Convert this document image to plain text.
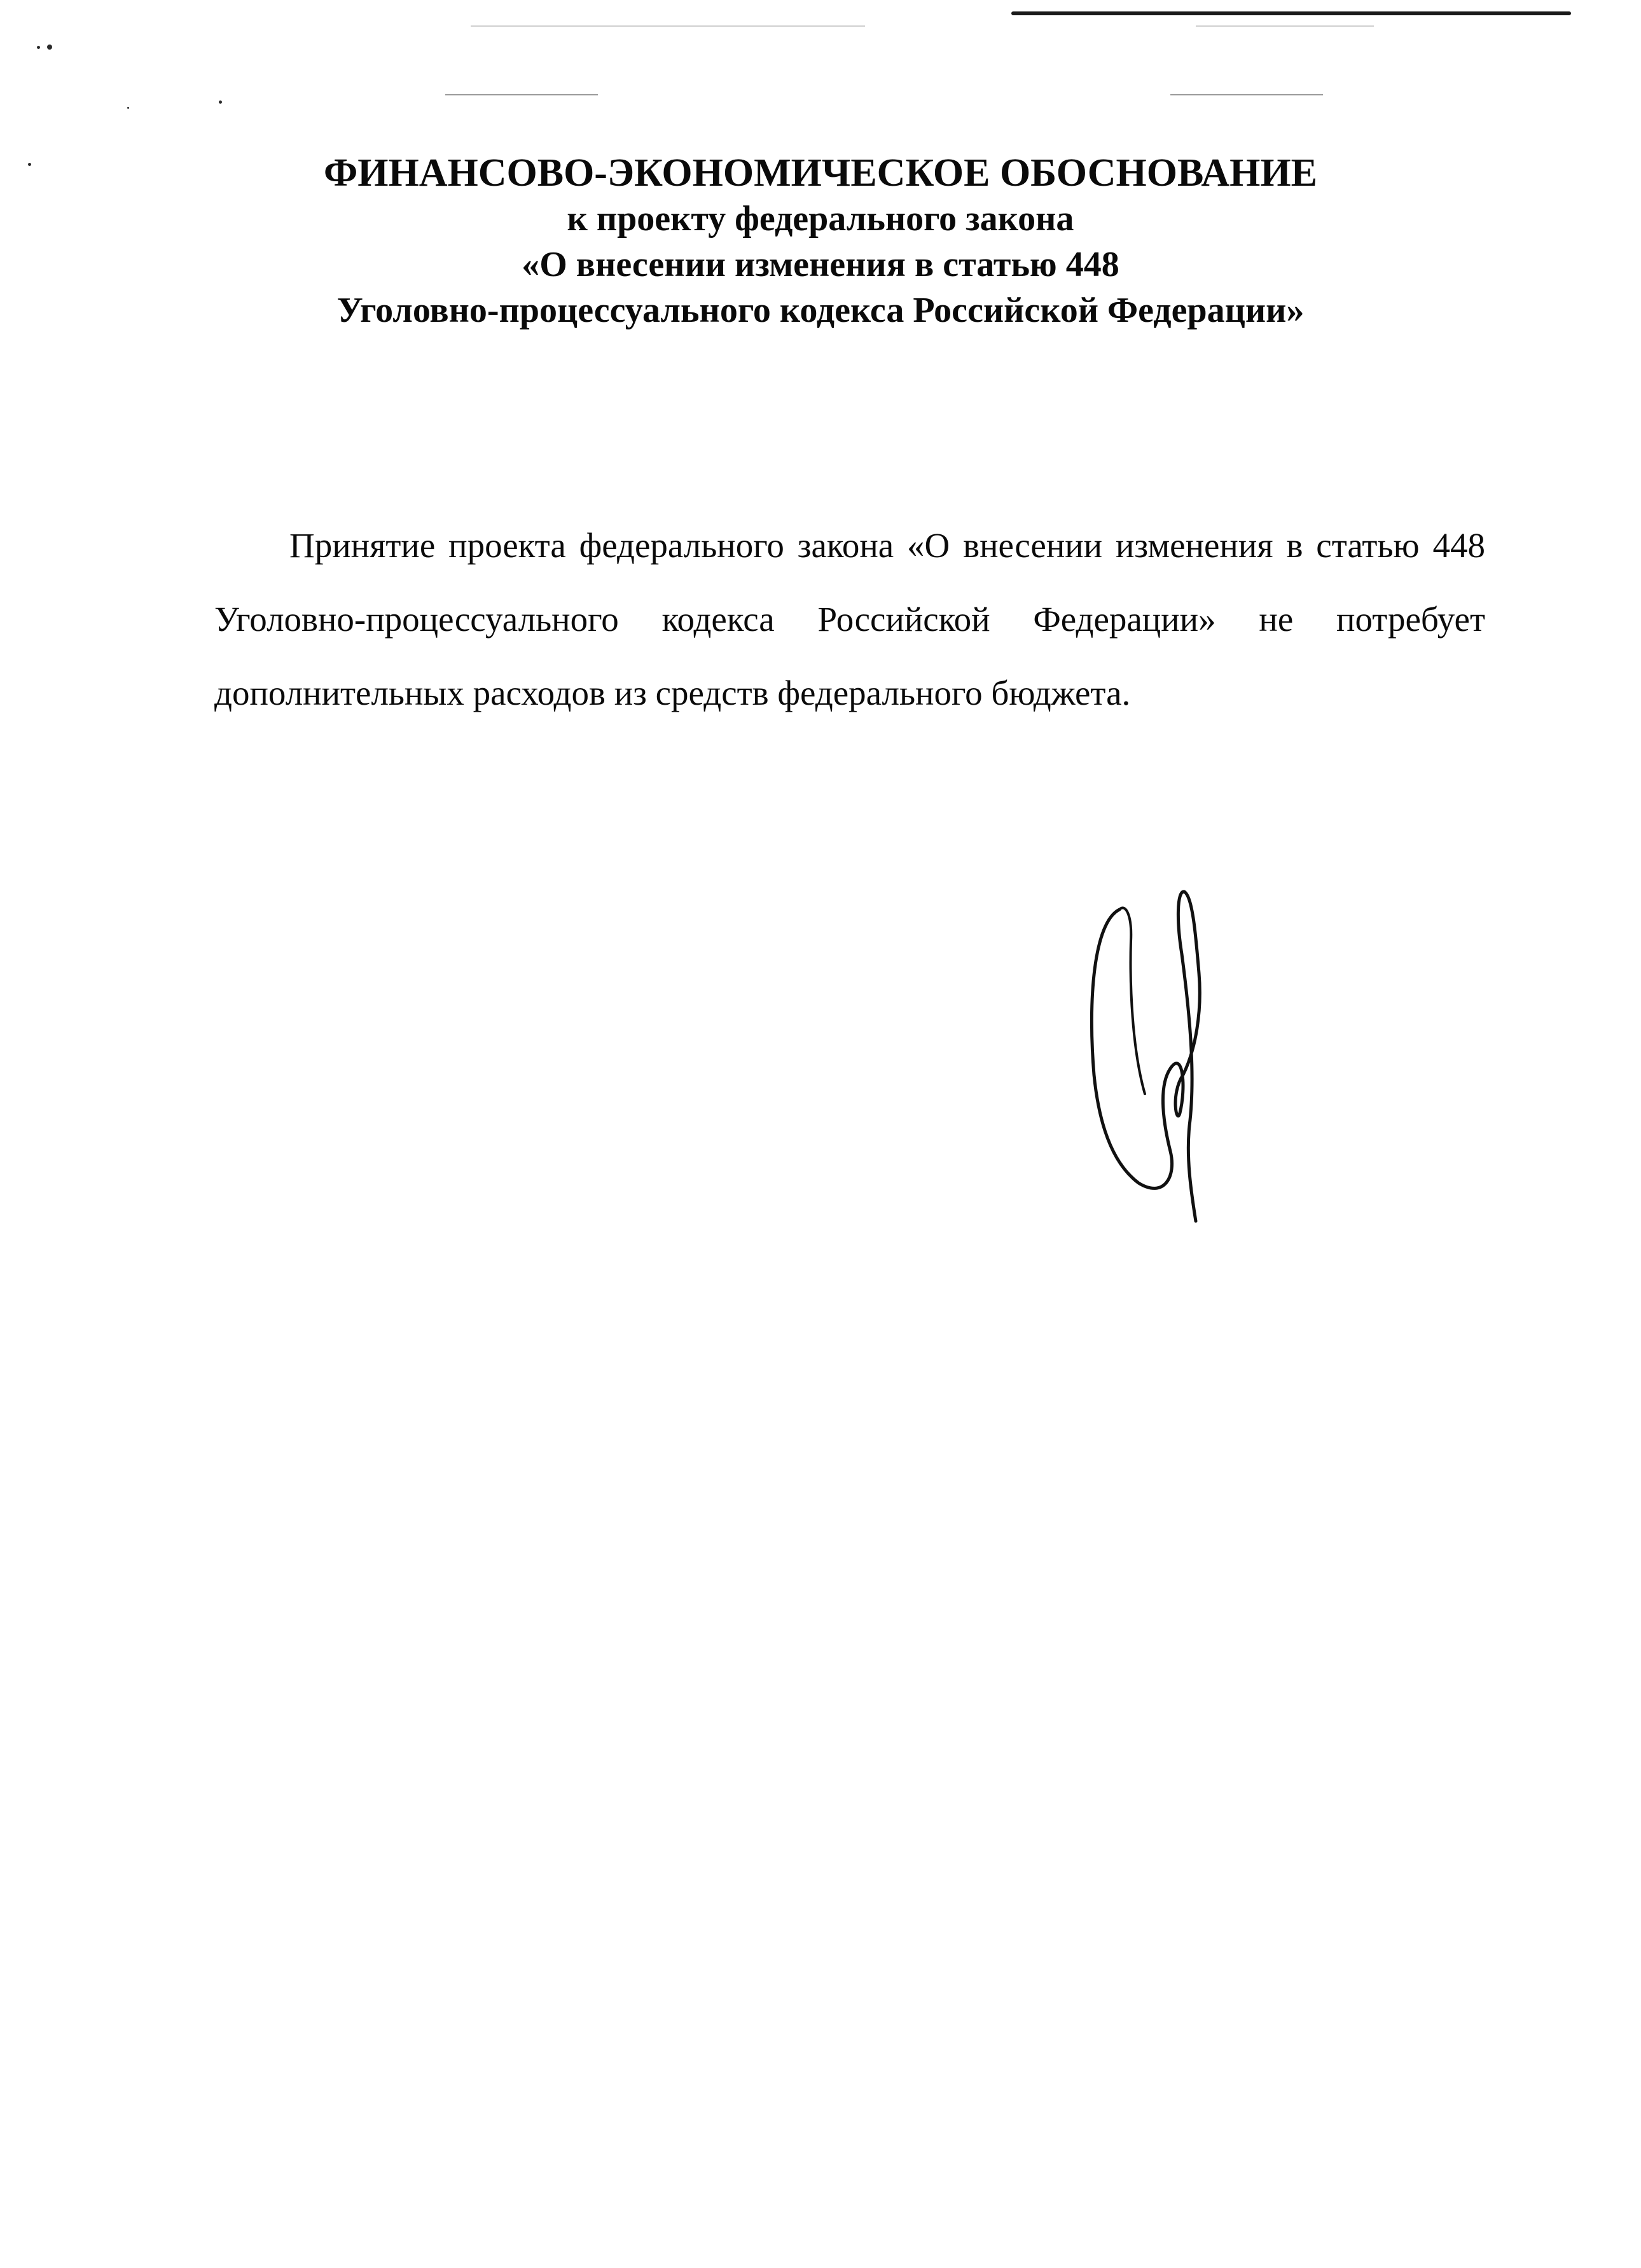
ФИНАНСОВО-ЭКОНОМИЧЕСКОЕ ОБОСНОВАНИЕ
к проекту федерального закона
«О внесении изменения в статью 448
Уголовно-процессуального кодекса Российской Федерации»
Принятие проекта федерального закона «О внесении изменения в статью 448 Уголовно-процессуального кодекса Российской Федерации» не потребует дополнительных расходов из средств федерального бюджета.
